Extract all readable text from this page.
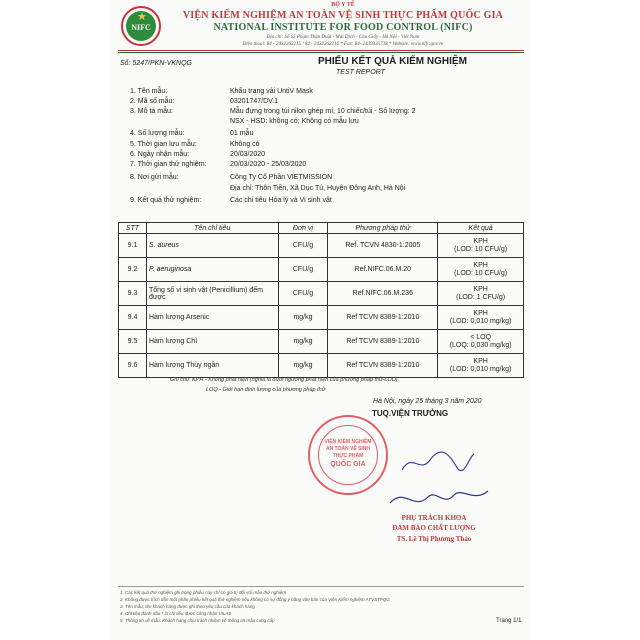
★
NIFC
BỘ Y TẾ
VIỆN KIỂM NGHIỆM AN TOÀN VỆ SINH THỰC PHẨM QUỐC GIA
NATIONAL INSTITUTE FOR FOOD CONTROL (NIFC)
Địa chỉ: Số 65 Phạm Thận Duật - Mai Dịch - Cầu Giấy - Hà Nội - Việt Nam
Điện thoại: 84 - 2432262215 / 84 - 2432262216 * Fax: 84- 2439335738 * Website: www.nifc.gov.vn
Số: 5247/PKN-VKNQG	PHIẾU KẾT QUẢ KIỂM NGHIỆM
TEST REPORT
1. Tên mẫu:	Khẩu trang vải UntiV Mask
2. Mã số mẫu:	03201747/DV.1
3. Mô tả mẫu:	Mẫu đựng trong túi nilon ghép mí, 10 chiếc/túi - Số lượng: 2
NSX - HSD: không có; Không có mẫu lưu
4. Số lượng mẫu:	01 mẫu
5. Thời gian lưu mẫu:	Không có
6. Ngày nhận mẫu:	20/03/2020
7. Thời gian thử nghiệm:	20/03/2020 - 25/03/2020
8. Nơi gửi mẫu:	Công Ty Cổ Phần VIETMISSION
Địa chỉ: Thôn Tiền, Xã Dục Tú, Huyện Đông Anh, Hà Nội
9. Kết quả thử nghiệm:	Các chỉ tiêu Hóa lý và Vi sinh vật
STT	Tên chỉ tiêu	Đơn vị	Phương pháp thử	Kết quả
9.1	S. aureus	CFU/g	Ref. TCVN 4830-1:2005	KPH
(LOD: 10 CFU/g)

9.2	P. aeruginosa	CFU/g	Ref.NIFC.06.M.20	KPH
(LOD: 10 CFU/g)

9.3	Tổng số vi sinh vật (Penicillium) đếm được	CFU/g	Ref.NIFC.06.M.236	KPH
(LOD: 1 CFU/g)

9.4	Hàm lượng Arsenic	mg/kg	Ref TCVN 8389-1:2010	KPH
(LOD: 0,010 mg/kg)

9.5	Hàm lượng Chì	mg/kg	Ref TCVN 8389-1:2010	< LOQ
(LOQ: 0,030 mg/kg)

9.6	Hàm lượng Thủy ngân	mg/kg	Ref TCVN 8389-1:2010	KPH
(LOD: 0,010 mg/kg)
Ghi chú: KPH - Không phát hiện (nghĩa là dưới ngưỡng phát hiện của phương pháp thử-LOD)
LOQ - Giới hạn định lượng của phương pháp thử
Hà Nội, ngày 25 tháng 3 năm 2020
TUQ.VIỆN TRƯỞNG
VIỆN KIỂM NGHIỆM
AN TOÀN VỆ SINH
THỰC PHẨM
QUỐC GIA
PHỤ TRÁCH KHOA
ĐẢM BẢO CHẤT LƯỢNG
TS. Lê Thị Phương Thảo
1. Các kết quả thử nghiệm ghi trong phiếu này chỉ có giá trị đối với mẫu thử nghiệm
2. Không được trích dẫn một phần phiếu kết quả thử nghiệm nếu không có sự đồng ý bằng văn bản của Viện Kiểm nghiệm ATVSTPQG
3. Tên mẫu, tên khách hàng được ghi theo yêu cầu của khách hàng
4. Chỉ tiêu đánh dấu * là chỉ tiêu được công nhận VILAS
5. Thông tin về mẫu: Khách hàng chịu trách nhiệm về thông tin mẫu cung cấp	Trang 1/1
